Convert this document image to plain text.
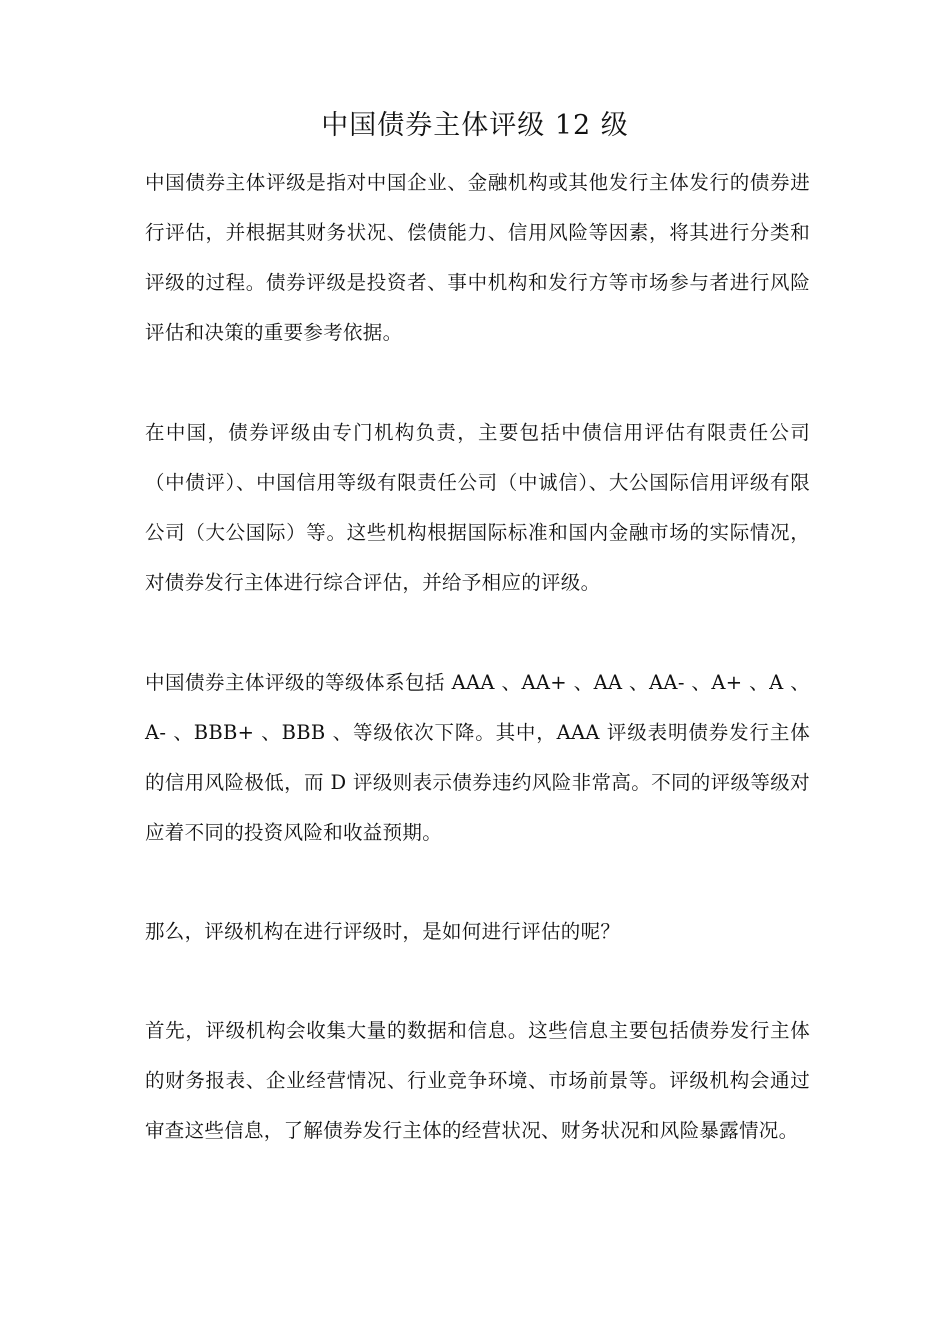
中国债券主体评级 12 级

中国债券主体评级是指对中国企业、金融机构或其他发行主体发行的债券进行评估，并根据其财务状况、偿债能力、信用风险等因素，将其进行分类和评级的过程。债券评级是投资者、事中机构和发行方等市场参与者进行风险评估和决策的重要参考依据。

在中国，债券评级由专门机构负责，主要包括中债信用评估有限责任公司（中债评）、中国信用等级有限责任公司（中诚信）、大公国际信用评级有限公司（大公国际）等。这些机构根据国际标准和国内金融市场的实际情况，对债券发行主体进行综合评估，并给予相应的评级。

中国债券主体评级的等级体系包括 AAA 、AA+ 、AA 、AA- 、A+ 、A 、A- 、BBB+ 、BBB 、等级依次下降。其中，AAA 评级表明债券发行主体的信用风险极低，而 D 评级则表示债券违约风险非常高。不同的评级等级对应着不同的投资风险和收益预期。

那么，评级机构在进行评级时，是如何进行评估的呢？

首先，评级机构会收集大量的数据和信息。这些信息主要包括债券发行主体的财务报表、企业经营情况、行业竞争环境、市场前景等。评级机构会通过审查这些信息，了解债券发行主体的经营状况、财务状况和风险暴露情况。
